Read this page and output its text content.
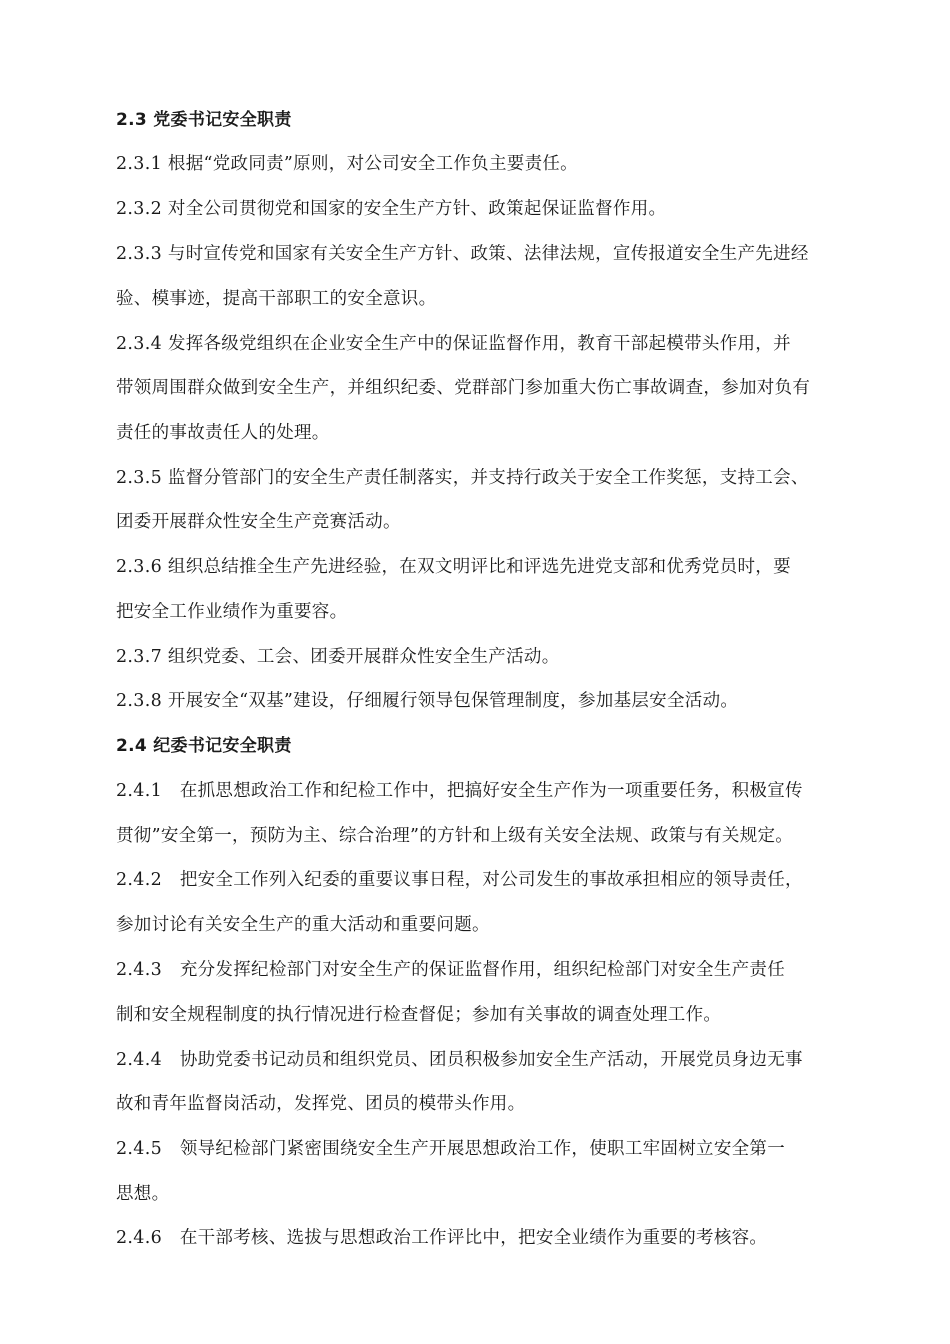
2.3 党委书记安全职责
2.3.1 根据“党政同责”原则，对公司安全工作负主要责任。
2.3.2 对全公司贯彻党和国家的安全生产方针、政策起保证监督作用。
2.3.3 与时宣传党和国家有关安全生产方针、政策、法律法规，宣传报道安全生产先进经
验、模事迹，提高干部职工的安全意识。
2.3.4 发挥各级党组织在企业安全生产中的保证监督作用，教育干部起模带头作用，并
带领周围群众做到安全生产，并组织纪委、党群部门参加重大伤亡事故调查，参加对负有
责任的事故责任人的处理。
2.3.5 监督分管部门的安全生产责任制落实，并支持行政关于安全工作奖惩，支持工会、
团委开展群众性安全生产竞赛活动。
2.3.6 组织总结推全生产先进经验，在双文明评比和评选先进党支部和优秀党员时，要
把安全工作业绩作为重要容。
2.3.7 组织党委、工会、团委开展群众性安全生产活动。
2.3.8 开展安全“双基”建设，仔细履行领导包保管理制度，参加基层安全活动。
2.4 纪委书记安全职责
2.4.1　在抓思想政治工作和纪检工作中，把搞好安全生产作为一项重要任务，积极宣传
贯彻”安全第一，预防为主、综合治理”的方针和上级有关安全法规、政策与有关规定。
2.4.2　把安全工作列入纪委的重要议事日程，对公司发生的事故承担相应的领导责任，
参加讨论有关安全生产的重大活动和重要问题。
2.4.3　充分发挥纪检部门对安全生产的保证监督作用，组织纪检部门对安全生产责任
制和安全规程制度的执行情况进行检查督促；参加有关事故的调查处理工作。
2.4.4　协助党委书记动员和组织党员、团员积极参加安全生产活动，开展党员身边无事
故和青年监督岗活动，发挥党、团员的模带头作用。
2.4.5　领导纪检部门紧密围绕安全生产开展思想政治工作，使职工牢固树立安全第一
思想。
2.4.6　在干部考核、选拔与思想政治工作评比中，把安全业绩作为重要的考核容。
